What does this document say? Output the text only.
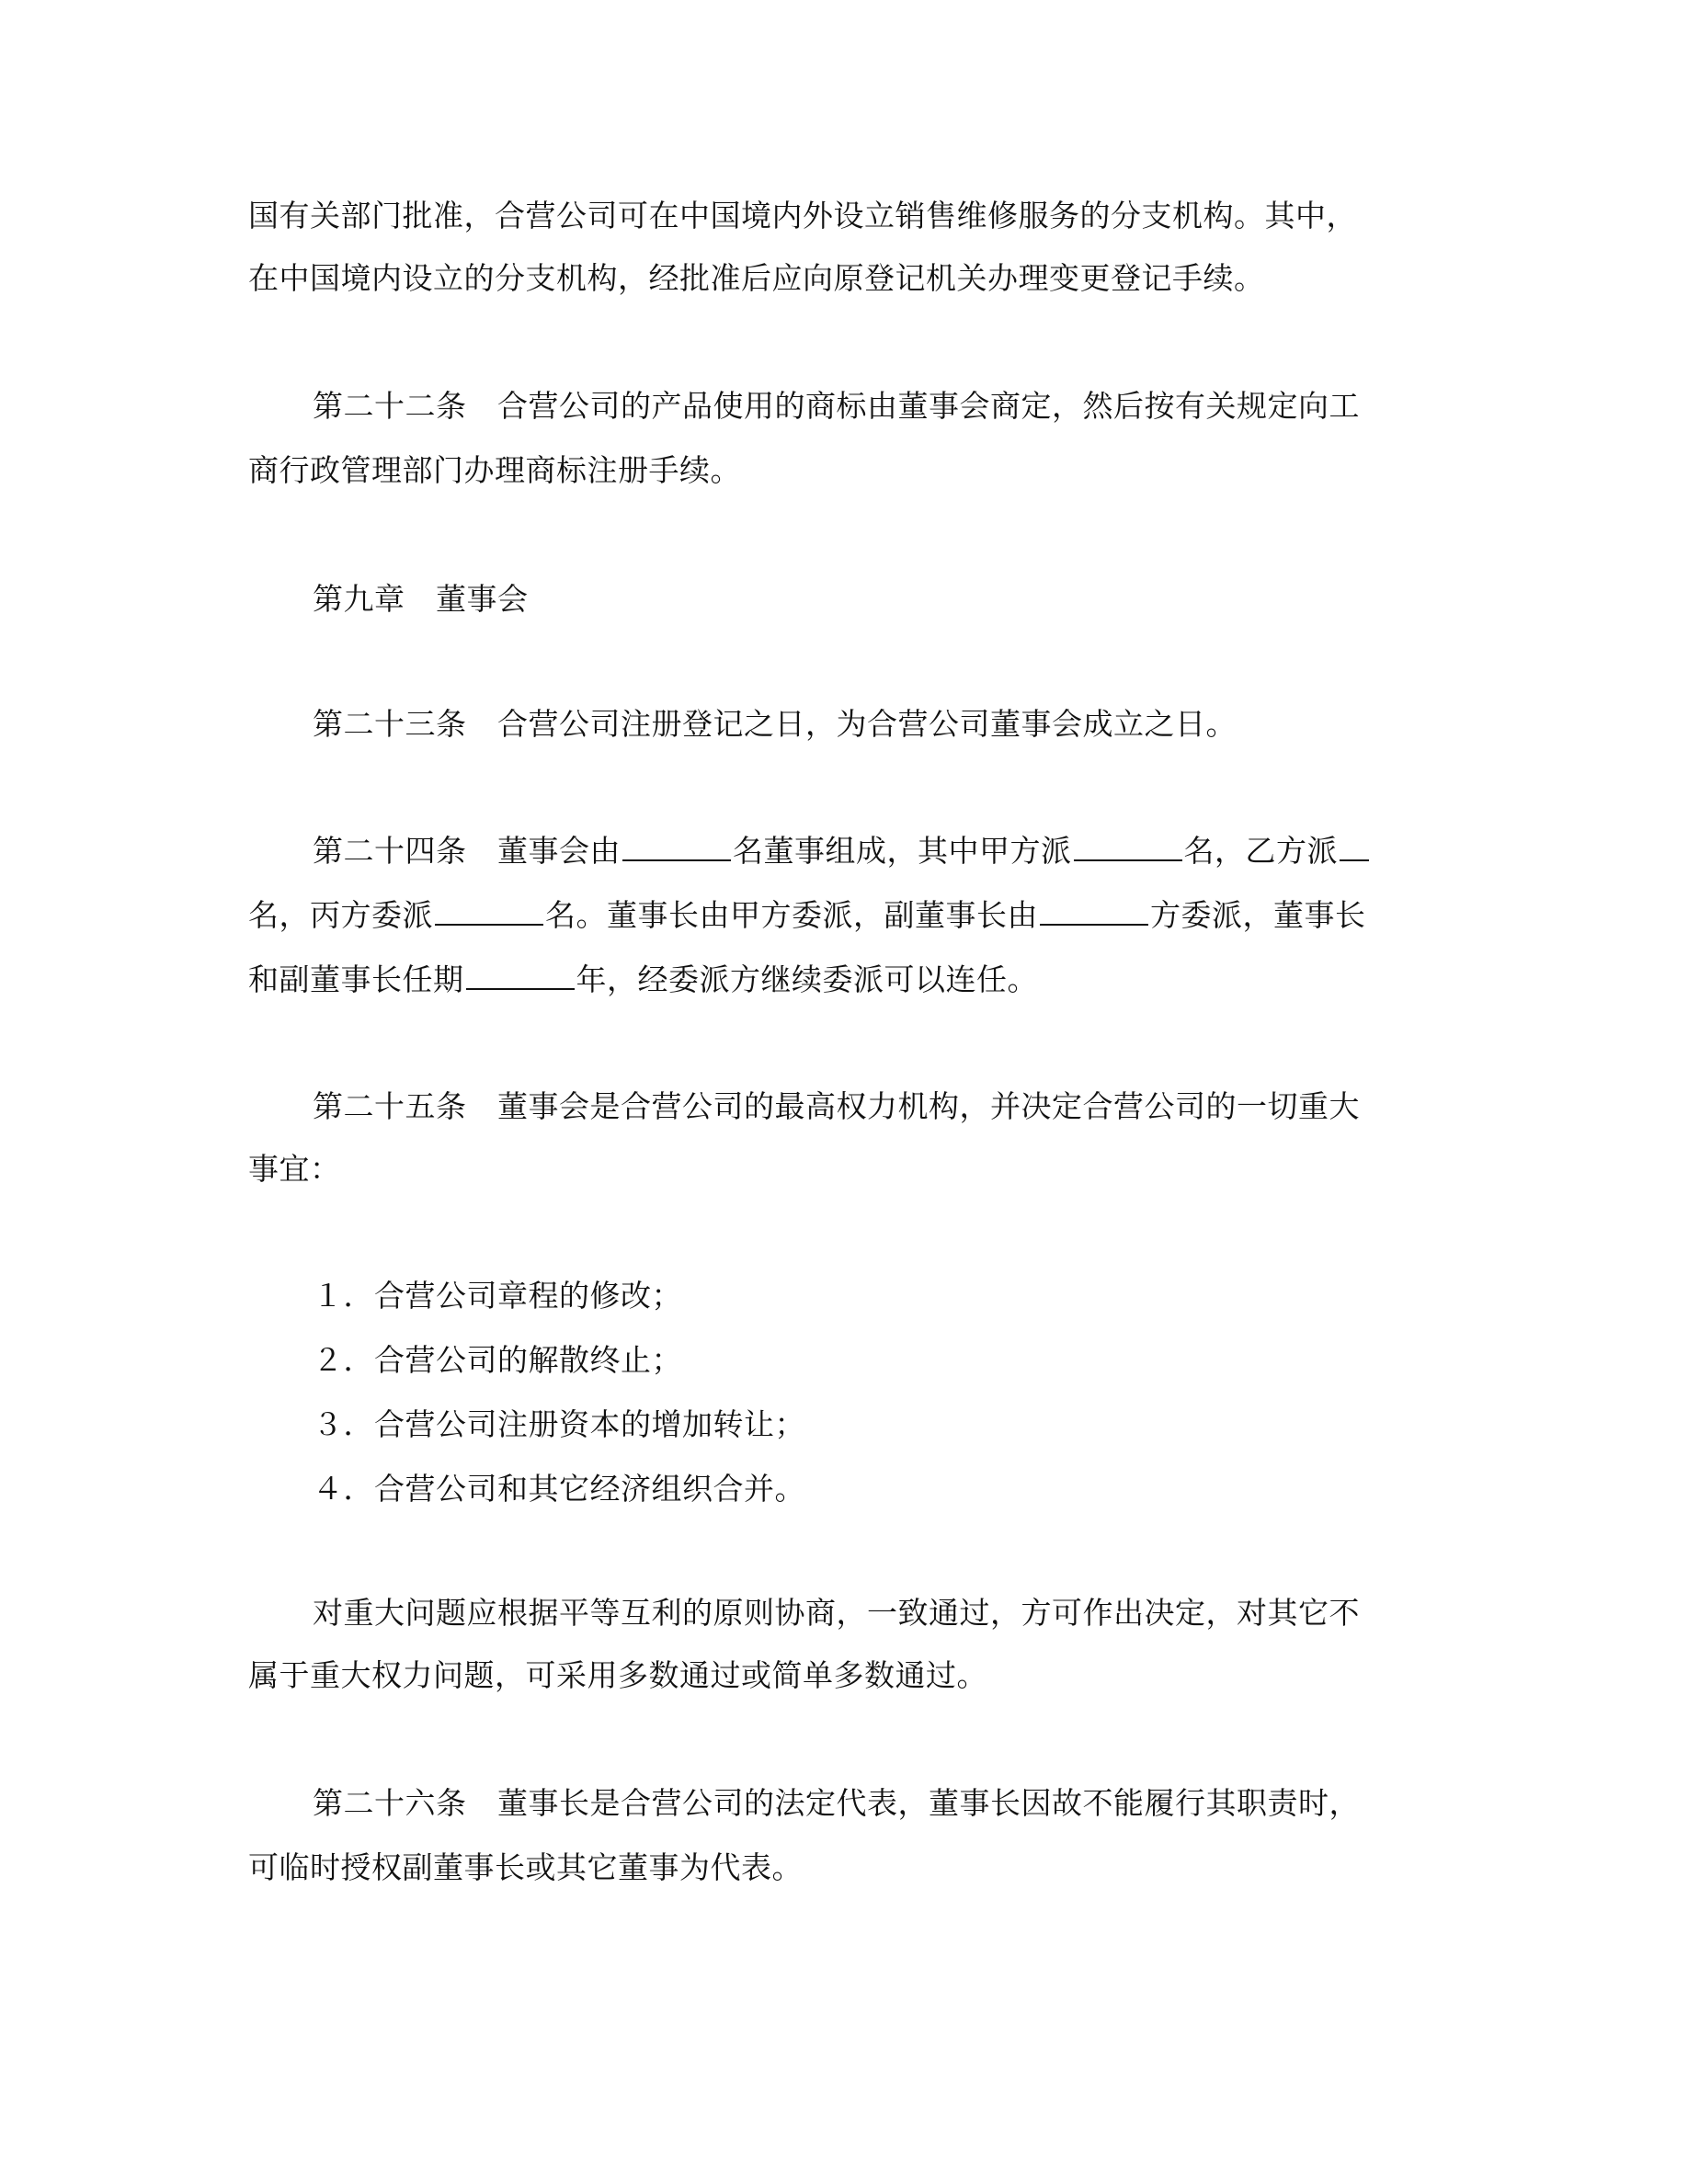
国有关部门批准，合营公司可在中国境内外设立销售维修服务的分支机构。其中，
在中国境内设立的分支机构，经批准后应向原登记机关办理变更登记手续。
第二十二条　合营公司的产品使用的商标由董事会商定，然后按有关规定向工
商行政管理部门办理商标注册手续。
第九章　董事会
第二十三条　合营公司注册登记之日，为合营公司董事会成立之日。
第二十四条　董事会由	名董事组成，其中甲方派	名，乙方派
名，丙方委派	名。董事长由甲方委派，副董事长由	方委派，董事长
和副董事长任期	年，经委派方继续委派可以连任。
第二十五条　董事会是合营公司的最高权力机构，并决定合营公司的一切重大
事宜：
１．合营公司章程的修改；
２．合营公司的解散终止；
３．合营公司注册资本的增加转让；
４．合营公司和其它经济组织合并。
对重大问题应根据平等互利的原则协商，一致通过，方可作出决定，对其它不
属于重大权力问题，可采用多数通过或简单多数通过。
第二十六条　董事长是合营公司的法定代表，董事长因故不能履行其职责时，
可临时授权副董事长或其它董事为代表。
